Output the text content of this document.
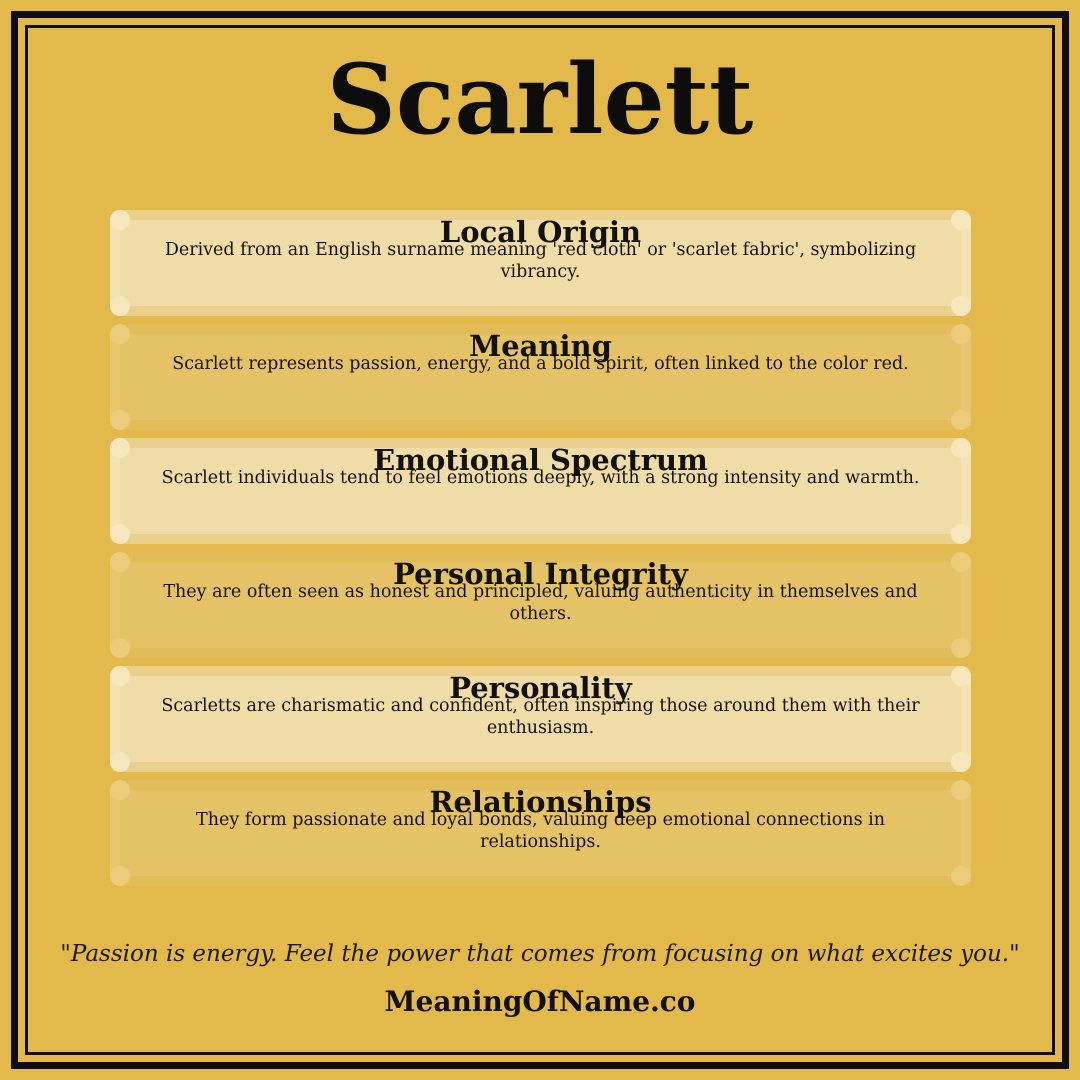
Scarlett
Local Origin
Derived from an English surname meaning 'red cloth' or 'scarlet fabric', symbolizing vibrancy.
Meaning
Scarlett represents passion, energy, and a bold spirit, often linked to the color red.
Emotional Spectrum
Scarlett individuals tend to feel emotions deeply, with a strong intensity and warmth.
Personal Integrity
They are often seen as honest and principled, valuing authenticity in themselves and others.
Personality
Scarletts are charismatic and confident, often inspiring those around them with their enthusiasm.
Relationships
They form passionate and loyal bonds, valuing deep emotional connections in relationships.
"Passion is energy. Feel the power that comes from focusing on what excites you."
MeaningOfName.co
